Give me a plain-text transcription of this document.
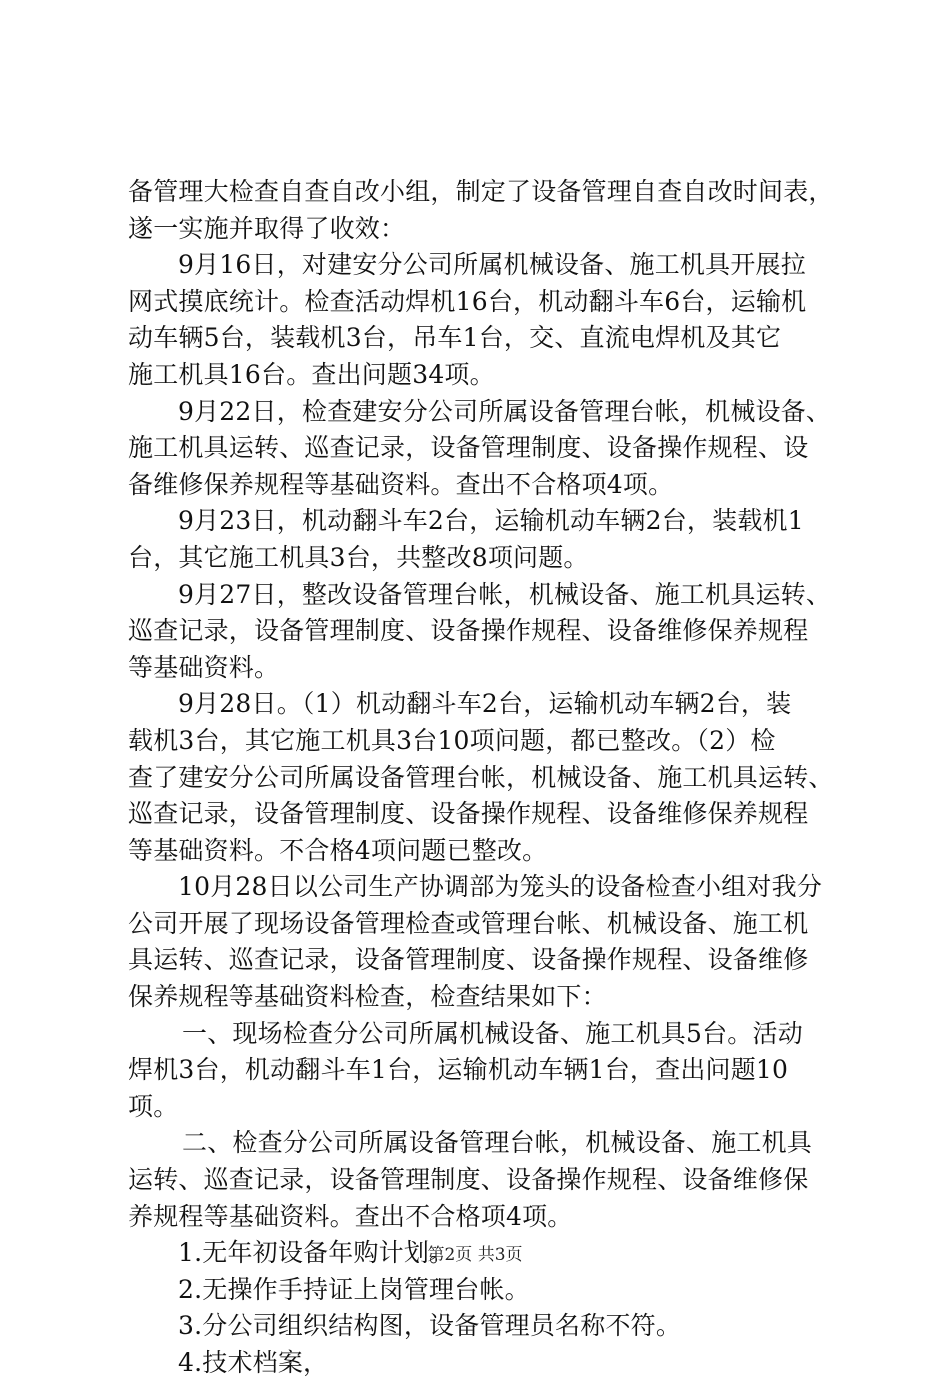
备管理大检查自查自改小组，制定了设备管理自查自改时间表，
遂一实施并取得了收效：
9月16日，对建安分公司所属机械设备、施工机具开展拉
网式摸底统计。检查活动焊机16台，机动翻斗车6台，运输机
动车辆5台，装载机3台，吊车1台，交、直流电焊机及其它
施工机具16台。查出问题34项。
9月22日，检查建安分公司所属设备管理台帐，机械设备、
施工机具运转、巡查记录，设备管理制度、设备操作规程、设
备维修保养规程等基础资料。查出不合格项4项。
9月23日，机动翻斗车2台，运输机动车辆2台，装载机1
台，其它施工机具3台，共整改8项问题。
9月27日，整改设备管理台帐，机械设备、施工机具运转、
巡查记录，设备管理制度、设备操作规程、设备维修保养规程
等基础资料。
9月28日。（1）机动翻斗车2台，运输机动车辆2台，装
载机3台，其它施工机具3台10项问题，都已整改。（2）检
查了建安分公司所属设备管理台帐，机械设备、施工机具运转、
巡查记录，设备管理制度、设备操作规程、设备维修保养规程
等基础资料。不合格4项问题已整改。
10月28日以公司生产协调部为笼头的设备检查小组对我分
公司开展了现场设备管理检查或管理台帐、机械设备、施工机
具运转、巡查记录，设备管理制度、设备操作规程、设备维修
保养规程等基础资料检查，检查结果如下：
一、现场检查分公司所属机械设备、施工机具5台。活动
焊机3台，机动翻斗车1台，运输机动车辆1台，查出问题10
项。
二、检查分公司所属设备管理台帐，机械设备、施工机具
运转、巡查记录，设备管理制度、设备操作规程、设备维修保
养规程等基础资料。查出不合格项4项。
1.无年初设备年购计划。
2.无操作手持证上岗管理台帐。
3.分公司组织结构图，设备管理员名称不符。
4.技术档案，
第2页 共3页
